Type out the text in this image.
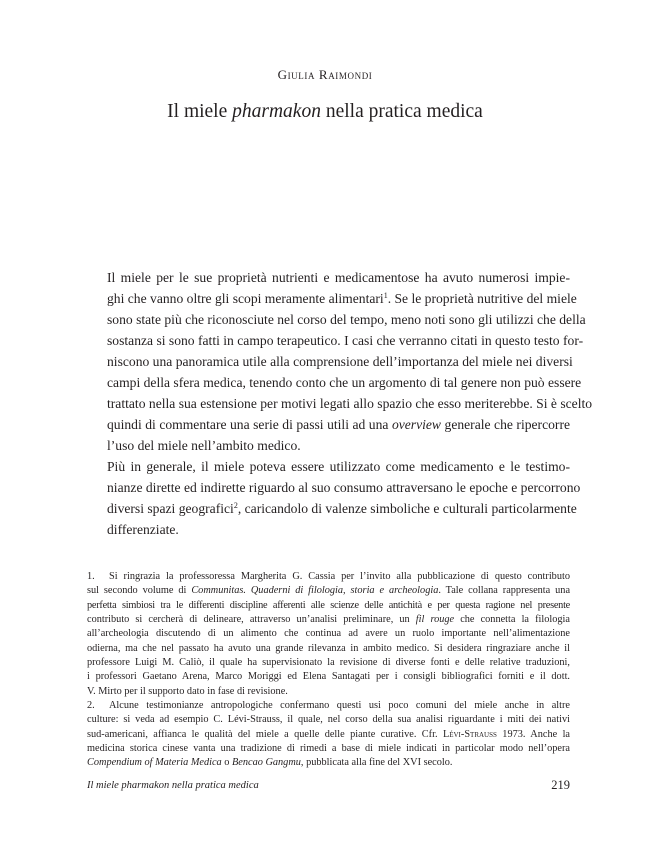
Giulia Raimondi
Il miele pharmakon nella pratica medica

Il miele per le sue proprietà nutrienti e medicamentose ha avuto numerosi impie-
ghi che vanno oltre gli scopi meramente alimentari$^1$. Se le proprietà nutritive del miele
sono state più che riconosciute nel corso del tempo, meno noti sono gli utilizzi che della
sostanza si sono fatti in campo terapeutico. I casi che verranno citati in questo testo for-
niscono una panoramica utile alla comprensione dell’importanza del miele nei diversi
campi della sfera medica, tenendo conto che un argomento di tal genere non può essere
trattato nella sua estensione per motivi legati allo spazio che esso meriterebbe. Si è scelto
quindi di commentare una serie di passi utili ad una overview generale che ripercorre
l’uso del miele nell’ambito medico.

Più in generale, il miele poteva essere utilizzato come medicamento e le testimo-
nianze dirette ed indirette riguardo al suo consumo attraversano le epoche e percorrono
diversi spazi geografici$^2$, caricandolo di valenze simboliche e culturali particolarmente
differenziate.

1. Si ringrazia la professoressa Margherita G. Cassia per l’invito alla pubblicazione di questo contributo
sul secondo volume di Communitas. Quaderni di filologia, storia e archeologia. Tale collana rappresenta una
perfetta simbiosi tra le differenti discipline afferenti alle scienze delle antichità e per questa ragione nel presente
contributo si cercherà di delineare, attraverso un’analisi preliminare, un fil rouge che connetta la filologia
all’archeologia discutendo di un alimento che continua ad avere un ruolo importante nell’alimentazione
odierna, ma che nel passato ha avuto una grande rilevanza in ambito medico. Si desidera ringraziare anche il
professore Luigi M. Caliò, il quale ha supervisionato la revisione di diverse fonti e delle relative traduzioni,
i professori Gaetano Arena, Marco Moriggi ed Elena Santagati per i consigli bibliografici forniti e il dott.
V. Mirto per il supporto dato in fase di revisione.
2. Alcune testimonianze antropologiche confermano questi usi poco comuni del miele anche in altre
culture: si veda ad esempio C. Lévi-Strauss, il quale, nel corso della sua analisi riguardante i miti dei nativi
sud-americani, affianca le qualità del miele a quelle delle piante curative. Cfr. Lévi-Strauss 1973. Anche la
medicina storica cinese vanta una tradizione di rimedi a base di miele indicati in particolar modo nell’opera
Compendium of Materia Medica o Bencao Gangmu, pubblicata alla fine del XVI secolo.
Il miele pharmakon nella pratica medica	219
